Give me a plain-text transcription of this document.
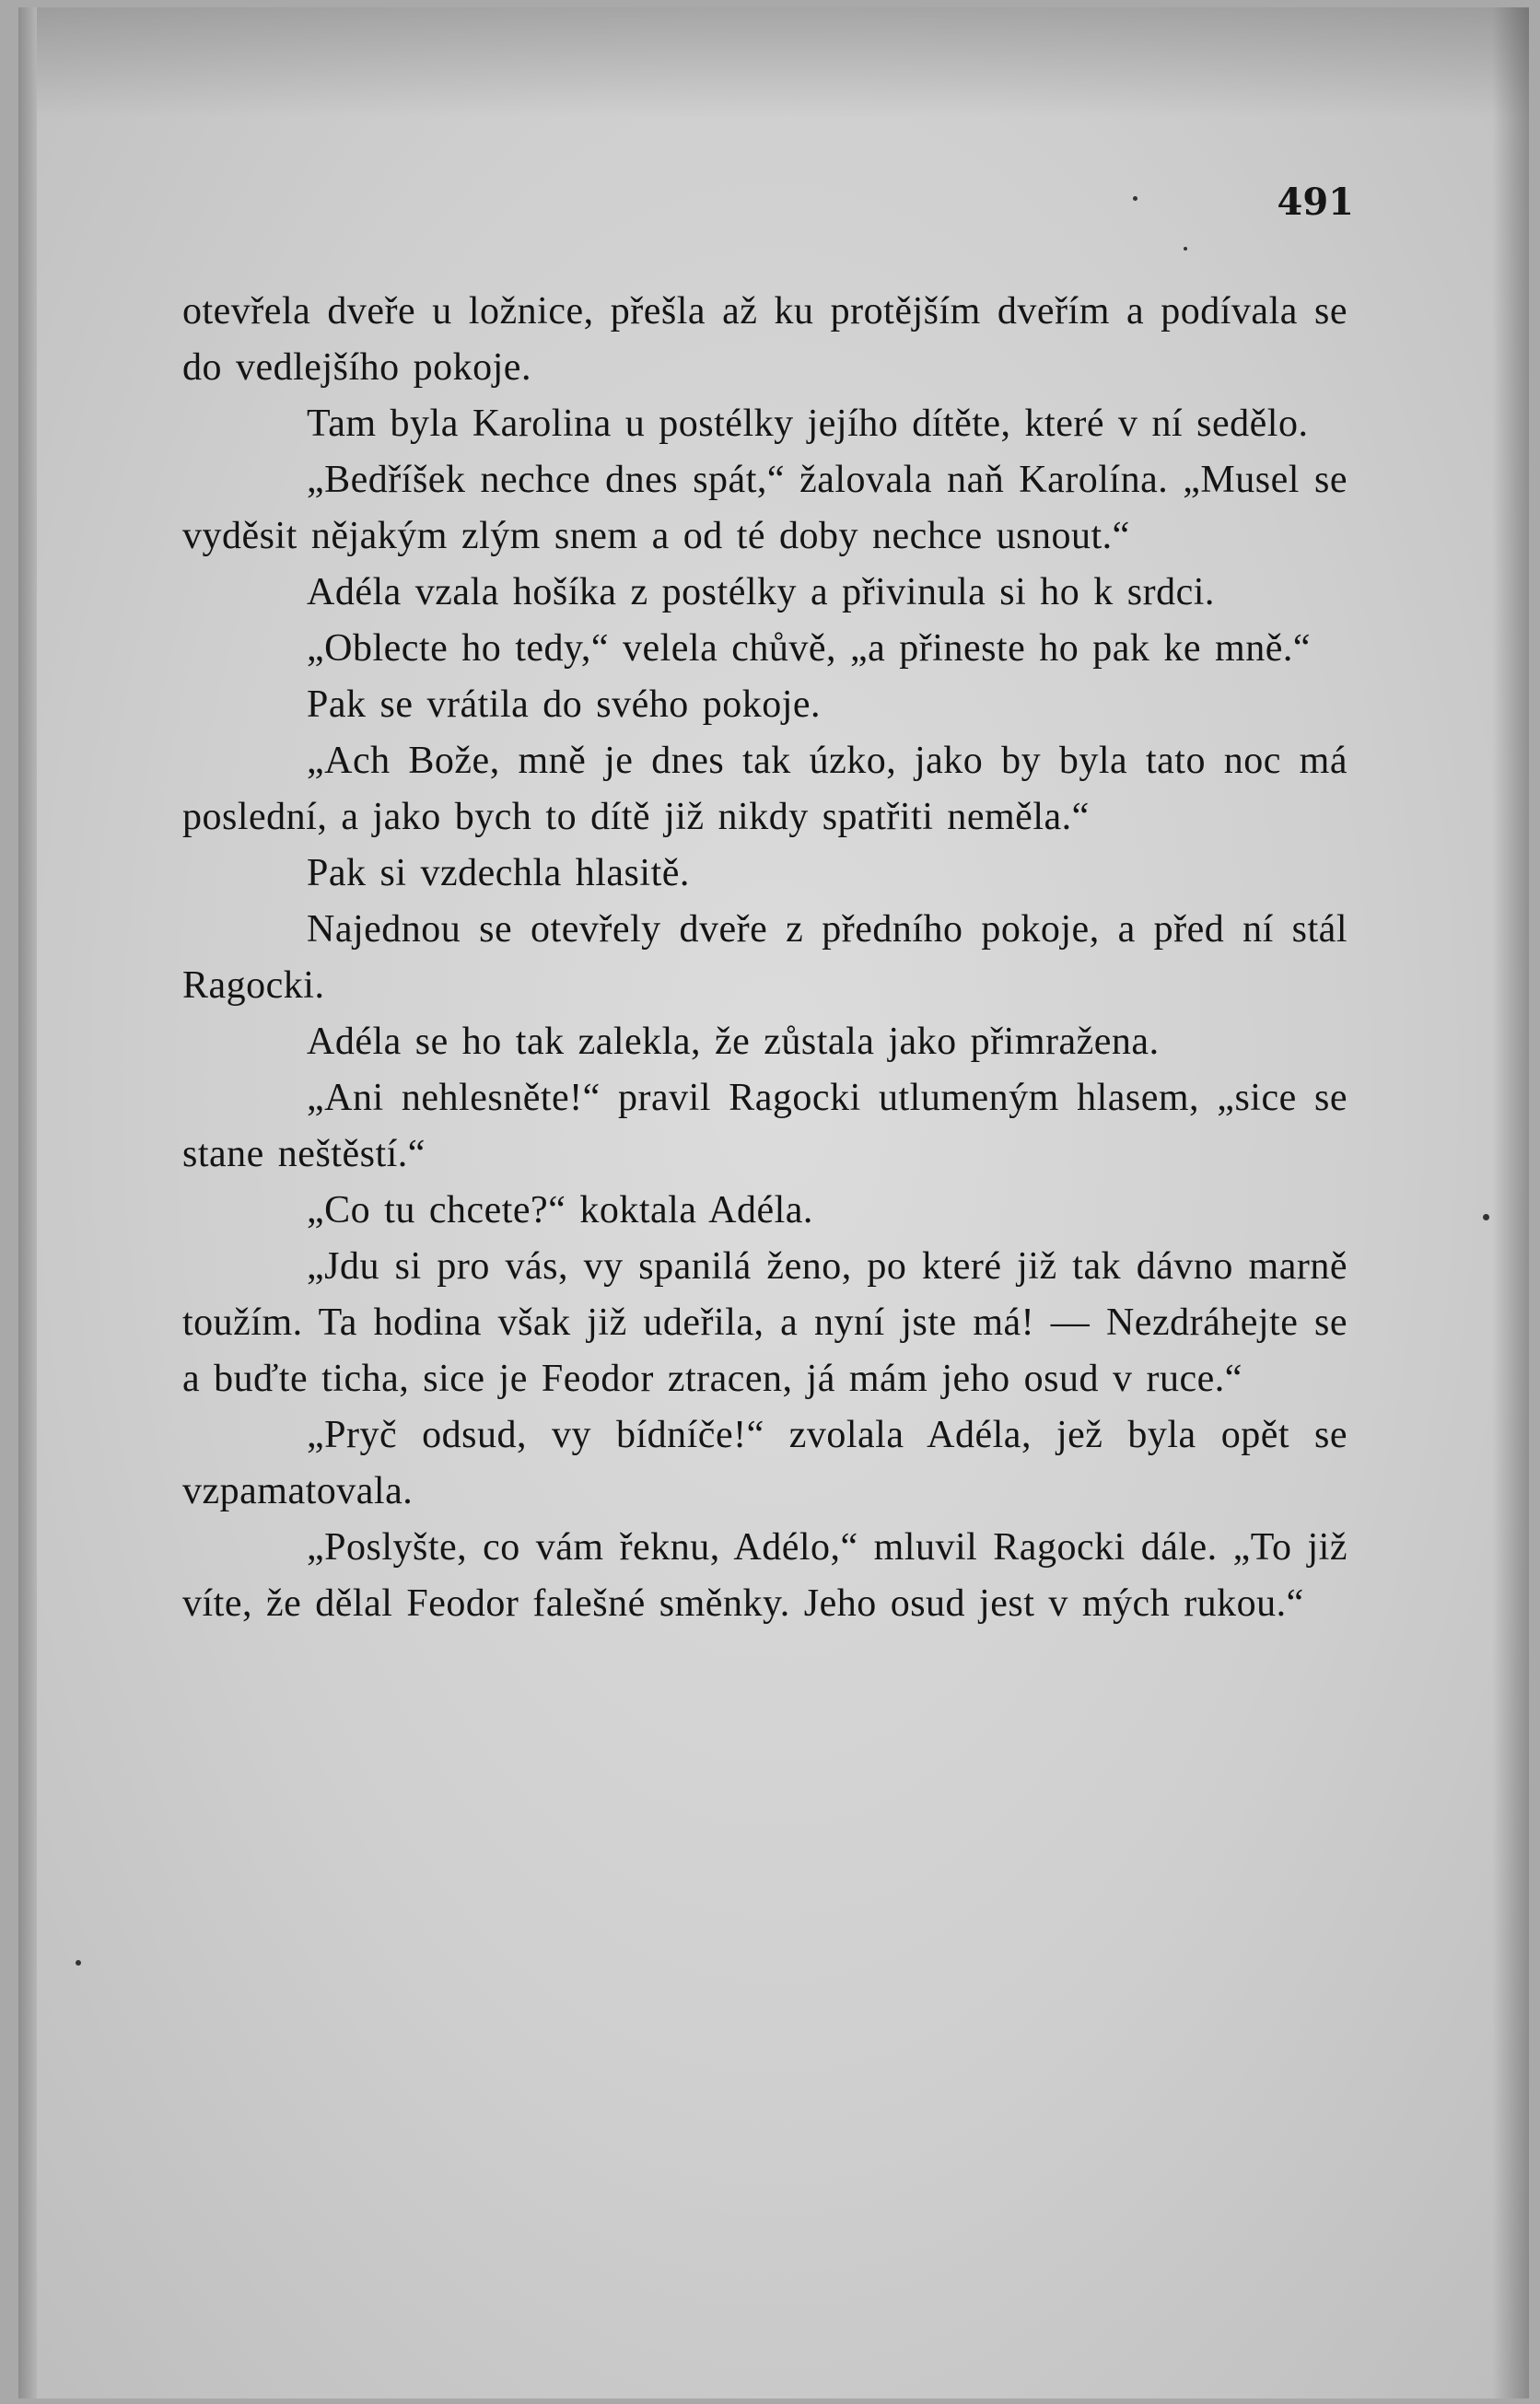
491

otevřela dveře u ložnice, přešla až ku protějším dveřím a podívala se do vedlejšího pokoje.

Tam byla Karolina u postélky jejího dítěte, které v ní sedělo.

„Bedříšek nechce dnes spát,“ žalovala naň Karolína. „Musel se vyděsit nějakým zlým snem a od té doby nechce usnout.“

Adéla vzala hošíka z postélky a přivinula si ho k srdci.

„Oblecte ho tedy,“ velela chůvě, „a přineste ho pak ke mně.“

Pak se vrátila do svého pokoje.

„Ach Bože, mně je dnes tak úzko, jako by byla tato noc má poslední, a jako bych to dítě již nikdy spatřiti neměla.“

Pak si vzdechla hlasitě.

Najednou se otevřely dveře z předního pokoje, a před ní stál Ragocki.

Adéla se ho tak zalekla, že zůstala jako přimražena.

„Ani nehlesněte!“ pravil Ragocki utlumeným hlasem, „sice se stane neštěstí.“

„Co tu chcete?“ koktala Adéla.

„Jdu si pro vás, vy spanilá ženo, po které již tak dávno marně toužím. Ta hodina však již udeřila, a nyní jste má! — Nezdráhejte se a buďte ticha, sice je Feodor ztracen, já mám jeho osud v ruce.“

„Pryč odsud, vy bídníče!“ zvolala Adéla, jež byla opět se vzpamatovala.

„Poslyšte, co vám řeknu, Adélo,“ mluvil Ragocki dále. „To již víte, že dělal Feodor falešné směnky. Jeho osud jest v mých rukou.“
